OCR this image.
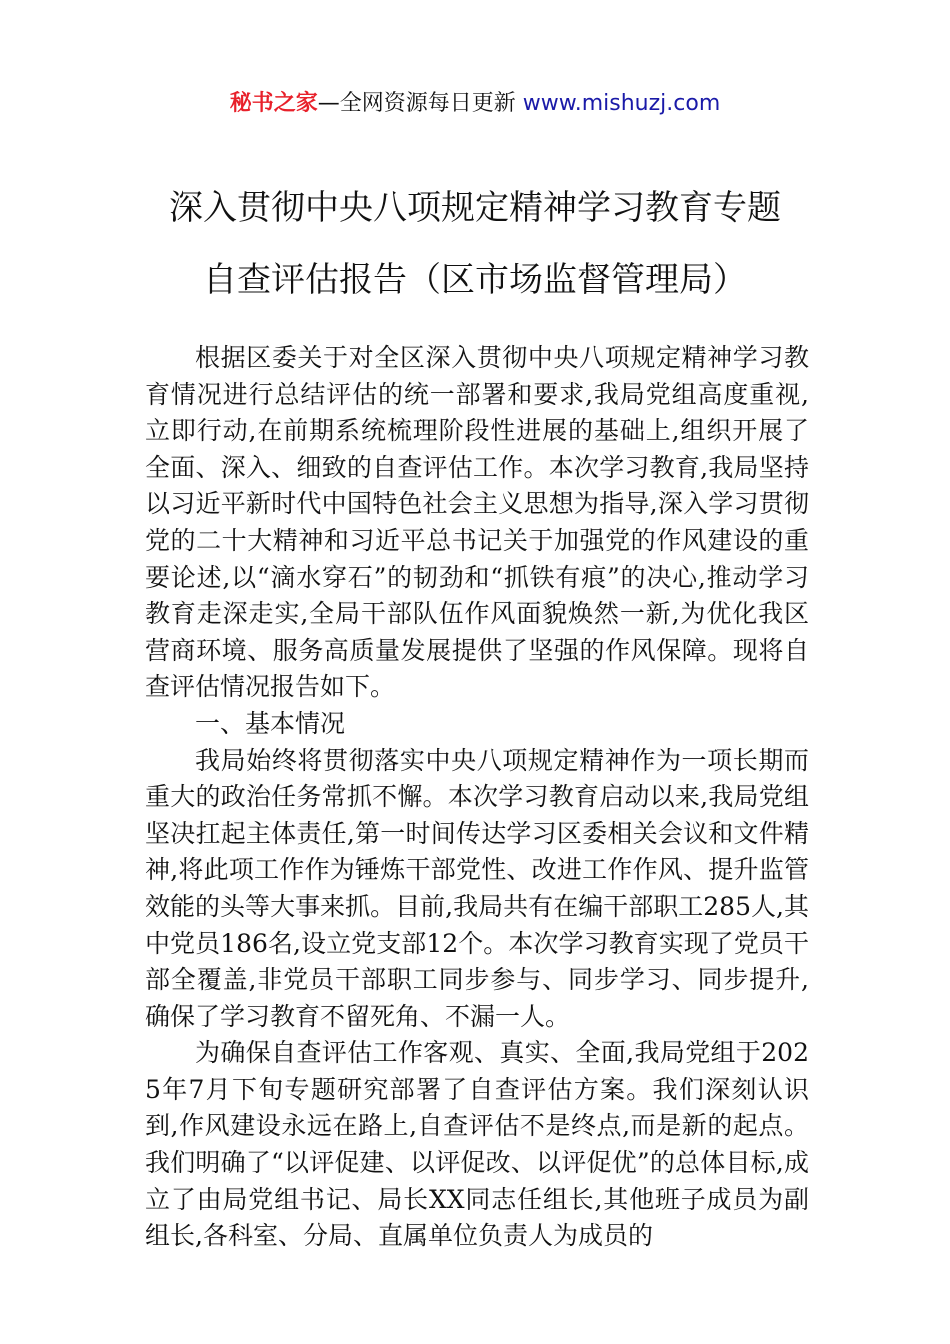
秘书之家—全网资源每日更新 www.mishuzj.com
深入贯彻中央八项规定精神学习教育专题
自查评估报告（区市场监督管理局）

根据区委关于对全区深入贯彻中央八项规定精神学习教育情况进行总结评估的统一部署和要求,我局党组高度重视,立即行动,在前期系统梳理阶段性进展的基础上,组织开展了全面、深入、细致的自查评估工作。本次学习教育,我局坚持以习近平新时代中国特色社会主义思想为指导,深入学习贯彻党的二十大精神和习近平总书记关于加强党的作风建设的重要论述,以“滴水穿石”的韧劲和“抓铁有痕”的决心,推动学习教育走深走实,全局干部队伍作风面貌焕然一新,为优化我区营商环境、服务高质量发展提供了坚强的作风保障。现将自查评估情况报告如下。

一、基本情况

我局始终将贯彻落实中央八项规定精神作为一项长期而重大的政治任务常抓不懈。本次学习教育启动以来,我局党组坚决扛起主体责任,第一时间传达学习区委相关会议和文件精神,将此项工作作为锤炼干部党性、改进工作作风、提升监管效能的头等大事来抓。目前,我局共有在编干部职工285人,其中党员186名,设立党支部12个。本次学习教育实现了党员干部全覆盖,非党员干部职工同步参与、同步学习、同步提升,确保了学习教育不留死角、不漏一人。

为确保自查评估工作客观、真实、全面,我局党组于2025年7月下旬专题研究部署了自查评估方案。我们深刻认识到,作风建设永远在路上,自查评估不是终点,而是新的起点。我们明确了“以评促建、以评促改、以评促优”的总体目标,成立了由局党组书记、局长XX同志任组长,其他班子成员为副组长,各科室、分局、直属单位负责人为成员的
